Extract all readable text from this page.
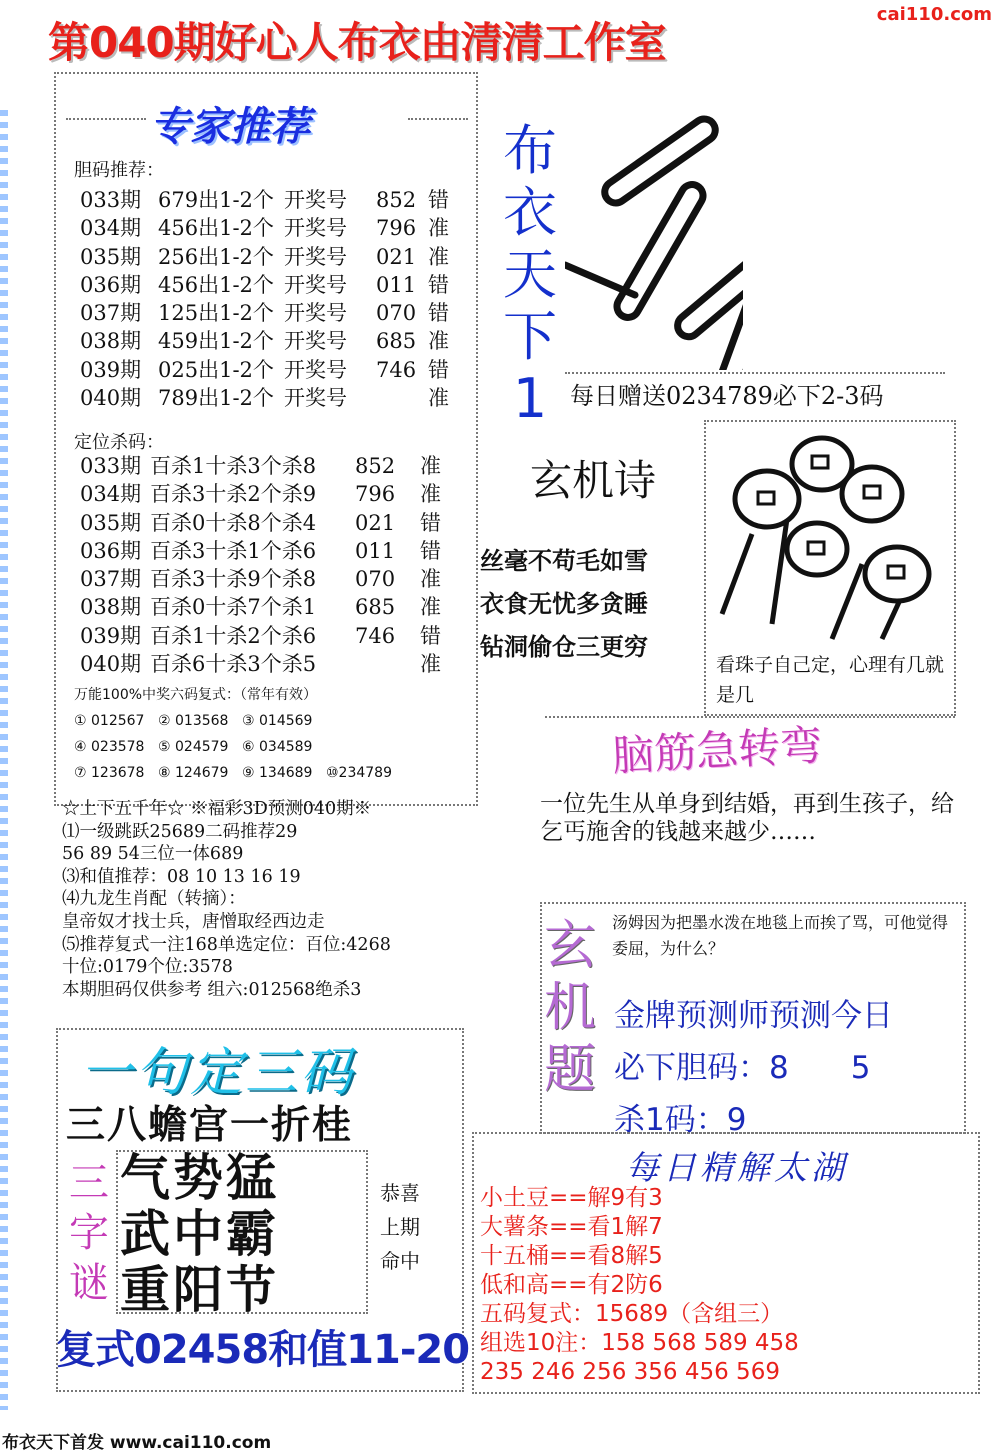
第040期好心人布衣由清清工作室
cai110.com
专家推荐
胆码推荐：
033期 679出1-2个 开奖号	852 错
034期 456出1-2个 开奖号	796 准
035期 256出1-2个 开奖号	021 准
036期 456出1-2个 开奖号	011 错
037期 125出1-2个 开奖号	070 错
038期 459出1-2个 开奖号	685 准
039期 025出1-2个 开奖号	746 错
040期 789出1-2个 开奖号	准
定位杀码：
033期 百杀1十杀3个杀8	852	准
034期 百杀3十杀2个杀9	796	准
035期 百杀0十杀8个杀4	021	错
036期 百杀3十杀1个杀6	011	错
037期 百杀3十杀9个杀8	070	准
038期 百杀0十杀7个杀1	685	准
039期 百杀1十杀2个杀6	746	错
040期 百杀6十杀3个杀5	准
万能100%中奖六码复式：（常年有效）
① 012567 ② 013568 ③ 014569
④ 023578 ⑤ 024579 ⑥ 034589
⑦ 123678 ⑧ 124679 ⑨ 134689 ⑩234789
☆上下五千年☆ ※福彩3D预测040期※
⑴一级跳跃25689二码推荐29
56 89 54三位一体689
⑶和值推荐：08 10 13 16 19
⑷九龙生肖配（转摘）：
皇帝奴才找士兵，唐憎取经西边走
⑸推荐复式一注168单选定位：百位:4268
十位:0179个位:3578
本期胆码仅供参考 组六:012568绝杀3
布
衣
天
下
1 每日赠送0234789必下2-3码
玄机诗
丝毫不苟毛如雪
衣食无忧多贪睡
钻洞偷仓三更穷
看珠子自己定，心理有几就是几
脑筋急转弯
一位先生从单身到结婚，再到生孩子，给乞丐施舍的钱越来越少……
玄
机
题
汤姆因为把墨水泼在地毯上而挨了骂，可他觉得委屈，为什么？
金牌预测师预测今日
必下胆码：8　　5
杀1码：9
每日精解太湖
小土豆==解9有3
大薯条==看1解7
十五桶==看8解5
低和高==有2防6
五码复式：15689（含组三）
组选10注：158 568 589 458
235 246 256 356 456 569
一句定三码
三八蟾宫一折桂
三
字
谜
气势猛
武中霸
重阳节
恭喜
上期
命中
复式02458和值11-20
布衣天下首发 www.cai110.com
